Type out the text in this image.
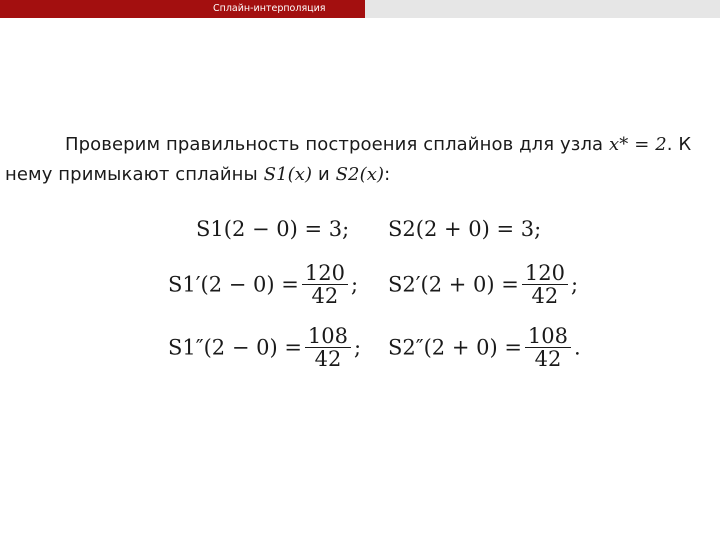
Сплайн-интерполяция
Проверим правильность построения сплайнов для узла x* = 2. К
нему примыкают сплайны S1(x) и S2(x):
S1(2 − 0) = 3; S2(2 + 0) = 3;
$S1'(2 - 0) = \frac{120}{42}$ ; $S2'(2 + 0) = \frac{120}{42}$ ;
$S1''(2 - 0) = \frac{108}{42}$ ; $S2''(2 + 0) = \frac{108}{42}$ .
